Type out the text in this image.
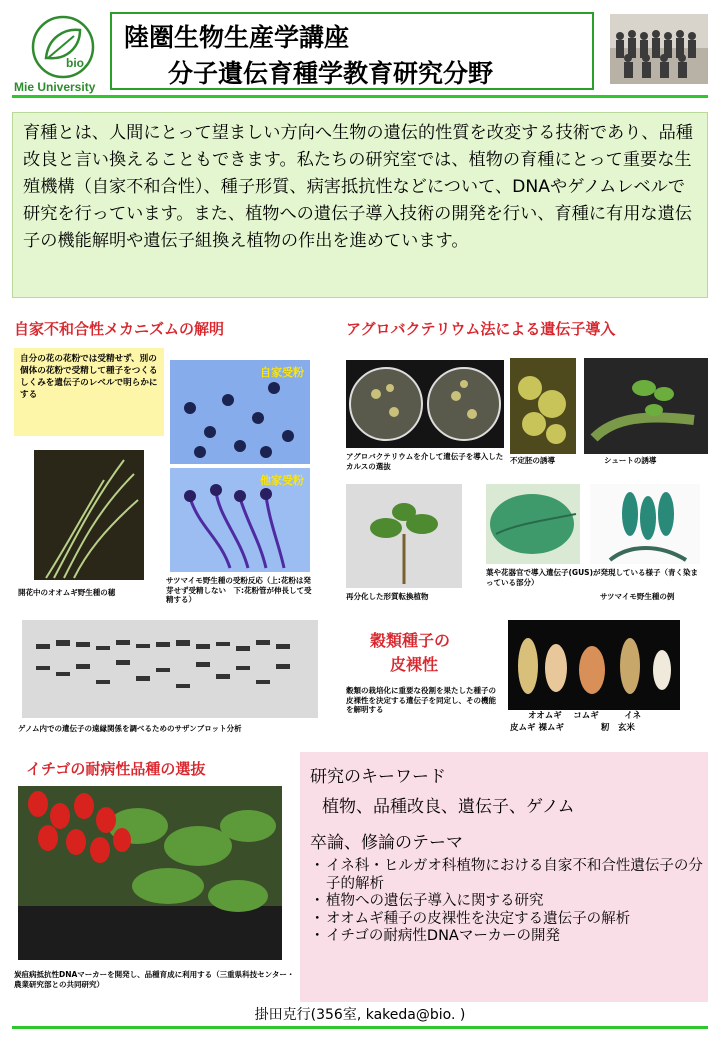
bio.
Mie University
陸圏生物生産学講座
分子遺伝育種学教育研究分野
育種とは、人間にとって望ましい方向へ生物の遺伝的性質を改変する技術であり、品種改良と言い換えることもできます。私たちの研究室では、植物の育種にとって重要な生殖機構（自家不和合性）、種子形質、病害抵抗性などについて、DNAやゲノムレベルで研究を行っています。また、植物への遺伝子導入技術の開発を行い、育種に有用な遺伝子の機能解明や遺伝子組換え植物の作出を進めています。
自家不和合性メカニズムの解明
自分の花の花粉では受精せず、別の個体の花粉で受精して種子をつくるしくみを遺伝子のレベルで明らかにする
自家受粉
他家受粉
開花中のオオムギ野生種の穂
サツマイモ野生種の受粉反応（上:花粉は発芽せず受精しない　下:花粉管が伸長して受精する）
アグロバクテリウム法による遺伝子導入
アグロバクテリウムを介して遺伝子を導入したカルスの選抜
不定胚の誘導	シュートの誘導
再分化した形質転換植物
葉や花器官で導入遺伝子(GUS)が発現している様子（青く染まっている部分）
サツマイモ野生種の例
ゲノム内での遺伝子の遠縁関係を調べるためのサザンブロット分析
穀類種子の
皮裸性
穀類の栽培化に重要な役割を果たした種子の皮裸性を決定する遺伝子を同定し、その機能を解明する
オオムギ　 コムギ　　　イネ
皮ムギ 裸ムギ　　　　 籾　玄米
イチゴの耐病性品種の選抜
炭疽病抵抗性DNAマーカーを開発し、品種育成に利用する（三重県科技センター・農業研究部との共同研究）
研究のキーワード
植物、品種改良、遺伝子、ゲノム
卒論、修論のテーマ
・ イネ科・ヒルガオ科植物における自家不和合性遺伝子の分子的解析
・ 植物への遺伝子導入に関する研究
・ オオムギ種子の皮裸性を決定する遺伝子の解析
・ イチゴの耐病性DNAマーカーの開発
掛田克行(356室, kakeda@bio. )
